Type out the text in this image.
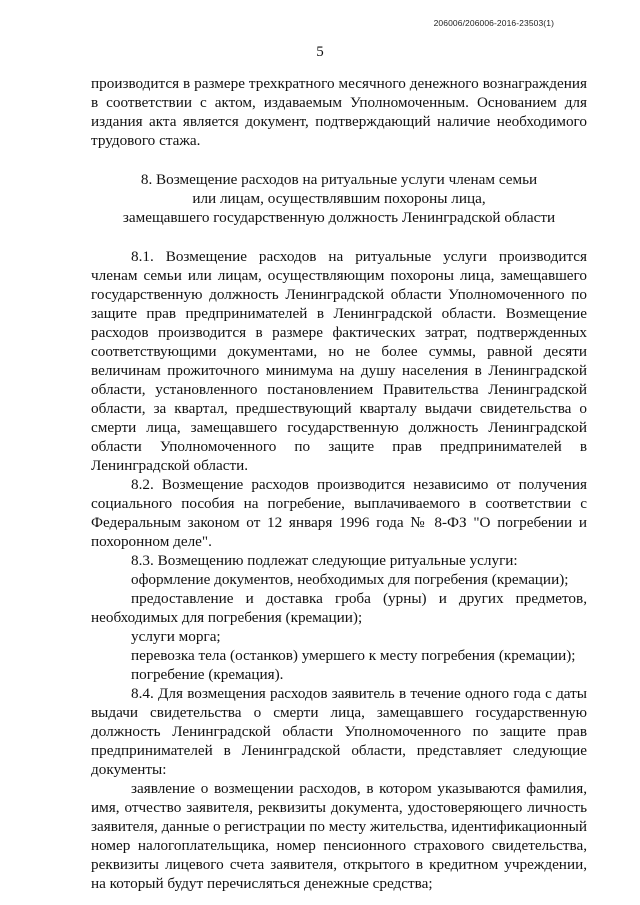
206006/206006-2016-23503(1)
5

производится в размере трехкратного месячного денежного вознаграждения в соответствии с актом, издаваемым Уполномоченным. Основанием для издания акта является документ, подтверждающий наличие необходимого трудового стажа.

8. Возмещение расходов на ритуальные услуги членам семьи
или лицам, осуществлявшим похороны лица,
замещавшего государственную должность Ленинградской области

8.1. Возмещение расходов на ритуальные услуги производится членам семьи или лицам, осуществляющим похороны лица, замещавшего государственную должность Ленинградской области Уполномоченного по защите прав предпринимателей в Ленинградской области. Возмещение расходов производится в размере фактических затрат, подтвержденных соответствующими документами, но не более суммы, равной десяти величинам прожиточного минимума на душу населения в Ленинградской области, установленного постановлением Правительства Ленинградской области, за квартал, предшествующий кварталу выдачи свидетельства о смерти лица, замещавшего государственную должность Ленинградской области Уполномоченного по защите прав предпринимателей в Ленинградской области.

8.2. Возмещение расходов производится независимо от получения социального пособия на погребение, выплачиваемого в соответствии с Федеральным законом от 12 января 1996 года № 8-ФЗ "О погребении и похоронном деле".

8.3. Возмещению подлежат следующие ритуальные услуги:

оформление документов, необходимых для погребения (кремации);

предоставление и доставка гроба (урны) и других предметов, необходимых для погребения (кремации);

услуги морга;

перевозка тела (останков) умершего к месту погребения (кремации);

погребение (кремация).

8.4. Для возмещения расходов заявитель в течение одного года с даты выдачи свидетельства о смерти лица, замещавшего государственную должность Ленинградской области Уполномоченного по защите прав предпринимателей в Ленинградской области, представляет следующие документы:

заявление о возмещении расходов, в котором указываются фамилия, имя, отчество заявителя, реквизиты документа, удостоверяющего личность заявителя, данные о регистрации по месту жительства, идентификационный номер налогоплательщика, номер пенсионного страхового свидетельства, реквизиты лицевого счета заявителя, открытого в кредитном учреждении, на который будут перечисляться денежные средства;
